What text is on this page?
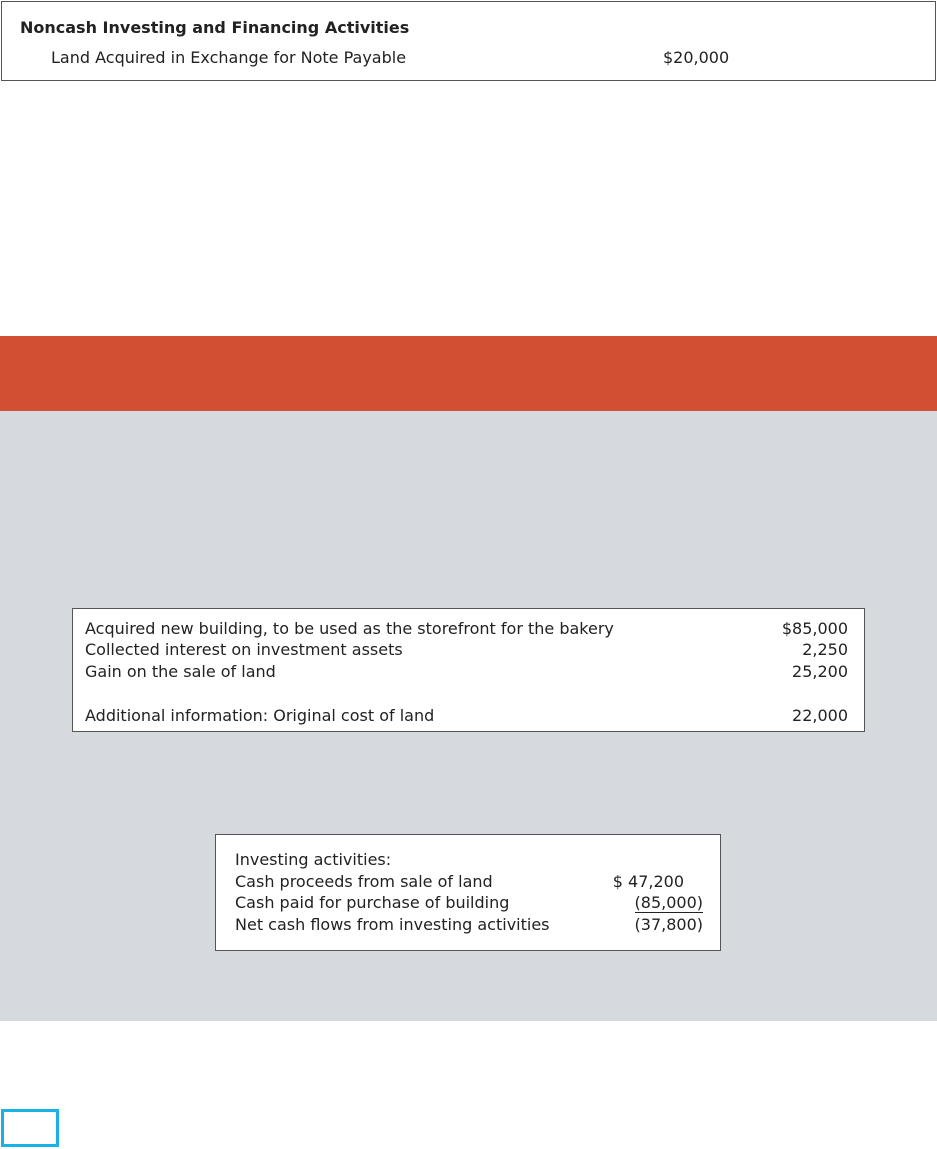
Noncash Investing and Financing Activities
Land Acquired in Exchange for Note Payable	$20,000
Acquired new building, to be used as the storefront for the bakery	$85,000
Collected interest on investment assets	2,250
Gain on the sale of land	25,200
Additional information: Original cost of land	22,000
Investing activities:
Cash proceeds from sale of land	$ 47,200
Cash paid for purchase of building	(85,000)
Net cash flows from investing activities	(37,800)
